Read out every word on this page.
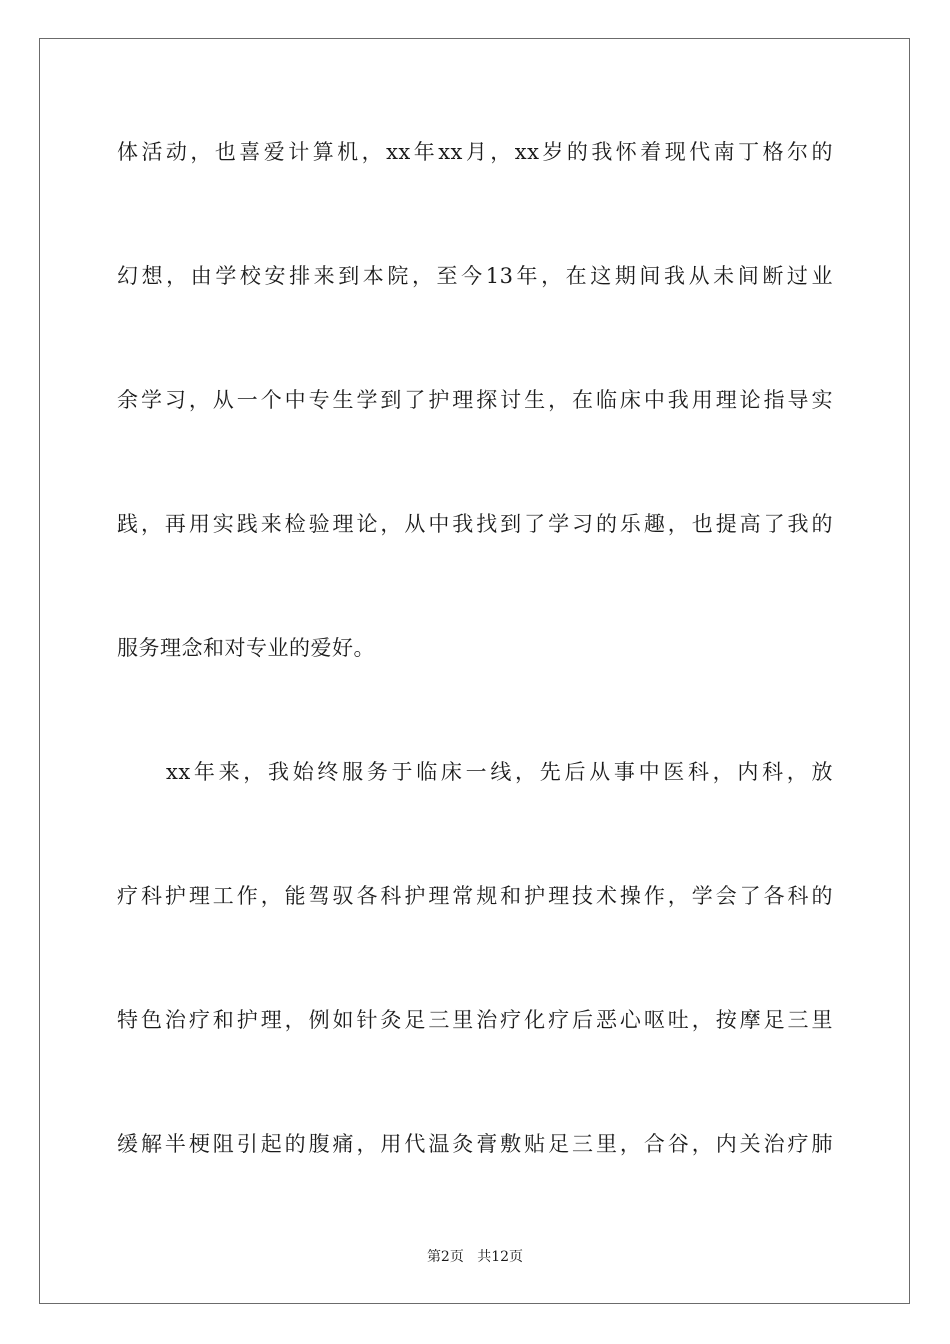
体活动，也喜爱计算机，xx年xx月，xx岁的我怀着现代南丁格尔的
幻想，由学校安排来到本院，至今13年，在这期间我从未间断过业
余学习，从一个中专生学到了护理探讨生，在临床中我用理论指导实
践，再用实践来检验理论，从中我找到了学习的乐趣，也提高了我的
服务理念和对专业的爱好。
xx年来，我始终服务于临床一线，先后从事中医科，内科，放
疗科护理工作，能驾驭各科护理常规和护理技术操作，学会了各科的
特色治疗和护理，例如针灸足三里治疗化疗后恶心呕吐，按摩足三里
缓解半梗阻引起的腹痛，用代温灸膏敷贴足三里，合谷，内关治疗肺
第2页 共12页
